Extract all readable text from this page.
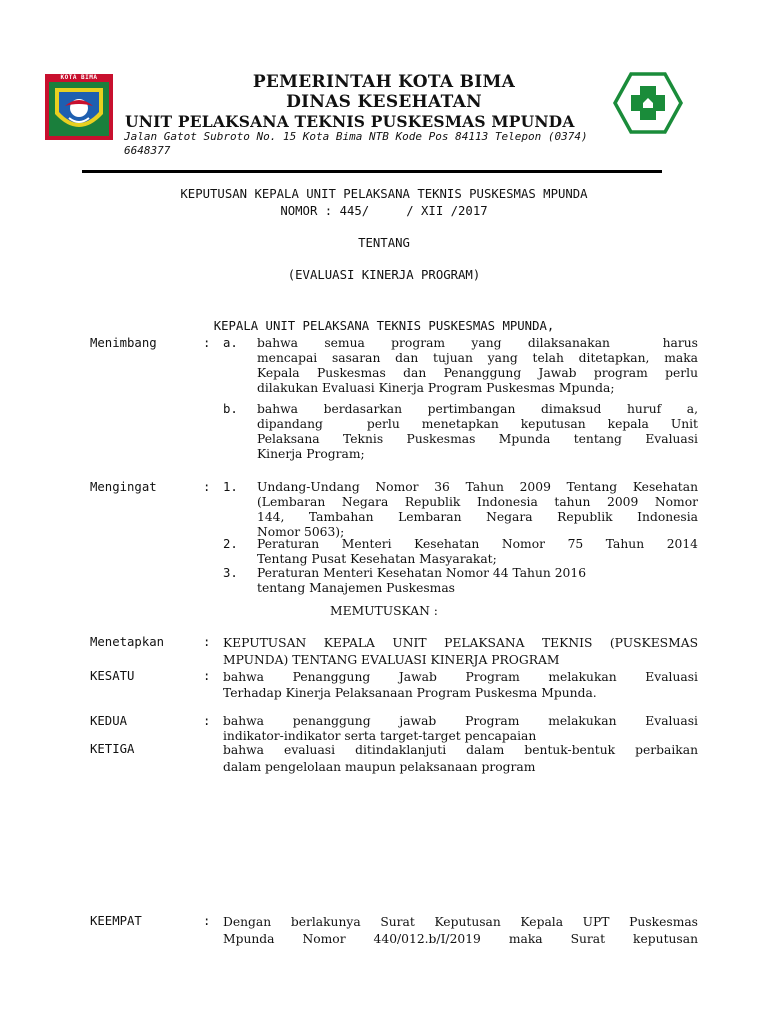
KOTA BIMA	PEMERINTAH KOTA BIMA
DINAS KESEHATAN
UNIT PELAKSANA TEKNIS PUSKESMAS MPUNDA
Jalan Gatot Subroto No. 15 Kota Bima NTB Kode Pos 84113 Telepon (0374) 6648377
KEPUTUSAN KEPALA UNIT PELAKSANA TEKNIS PUSKESMAS MPUNDA
NOMOR : 445/     / XII /2017
TENTANG
(EVALUASI KINERJA PROGRAM)
KEPALA UNIT PELAKSANA TEKNIS PUSKESMAS MPUNDA,
Menimbang	: a. bahwa semua program yang dilaksanakan  harus
mencapai sasaran dan tujuan yang telah ditetapkan, maka
Kepala Puskesmas dan Penanggung Jawab program perlu
dilakukan Evaluasi Kinerja Program Puskesmas Mpunda;
b. bahwa berdasarkan pertimbangan dimaksud huruf a,
dipandang  perlu menetapkan keputusan kepala Unit
Pelaksana Teknis Puskesmas Mpunda tentang Evaluasi
Kinerja Program;
Mengingat	: 1. Undang-Undang Nomor 36 Tahun 2009 Tentang Kesehatan
(Lembaran Negara Republik Indonesia tahun 2009 Nomor
144, Tambahan Lembaran Negara Republik Indonesia
Nomor 5063);
2. Peraturan Menteri Kesehatan Nomor 75 Tahun 2014
Tentang Pusat Kesehatan Masyarakat;
3. Peraturan Menteri Kesehatan Nomor 44 Tahun 2016
tentang Manajemen Puskesmas
MEMUTUSKAN :
Menetapkan	: KEPUTUSAN KEPALA UNIT PELAKSANA TEKNIS (PUSKESMAS
MPUNDA) TENTANG EVALUASI KINERJA PROGRAM
KESATU	: bahwa Penanggung Jawab Program melakukan Evaluasi
Terhadap Kinerja Pelaksanaan Program Puskesma Mpunda.
KEDUA	: bahwa penanggung jawab Program melakukan Evaluasi
indikator-indikator serta target-target pencapaian
KETIGA	bahwa evaluasi ditindaklanjuti dalam bentuk-bentuk perbaikan
dalam pengelolaan maupun pelaksanaan program
KEEMPAT	: Dengan berlakunya Surat Keputusan Kepala UPT Puskesmas
Mpunda Nomor 440/012.b/I/2019 maka Surat keputusan
